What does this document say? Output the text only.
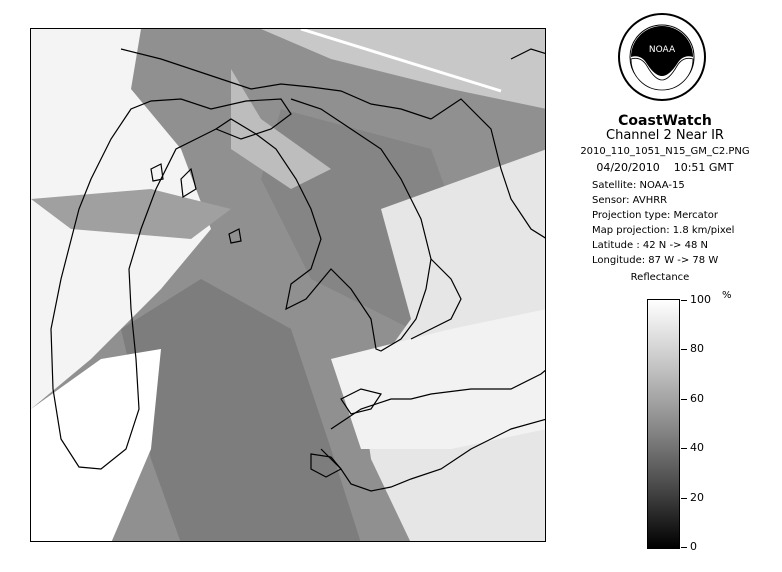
NOAA
CoastWatch
Channel 2 Near IR
2010_110_1051_N15_GM_C2.PNG
04/20/2010    10:51 GMT
Satellite: NOAA-15
Sensor: AVHRR
Projection type: Mercator
Map projection: 1.8 km/pixel
Latitude : 42 N -> 48 N
Longitude: 87 W -> 78 W
Reflectance
%
100
80
60
40
20
0
